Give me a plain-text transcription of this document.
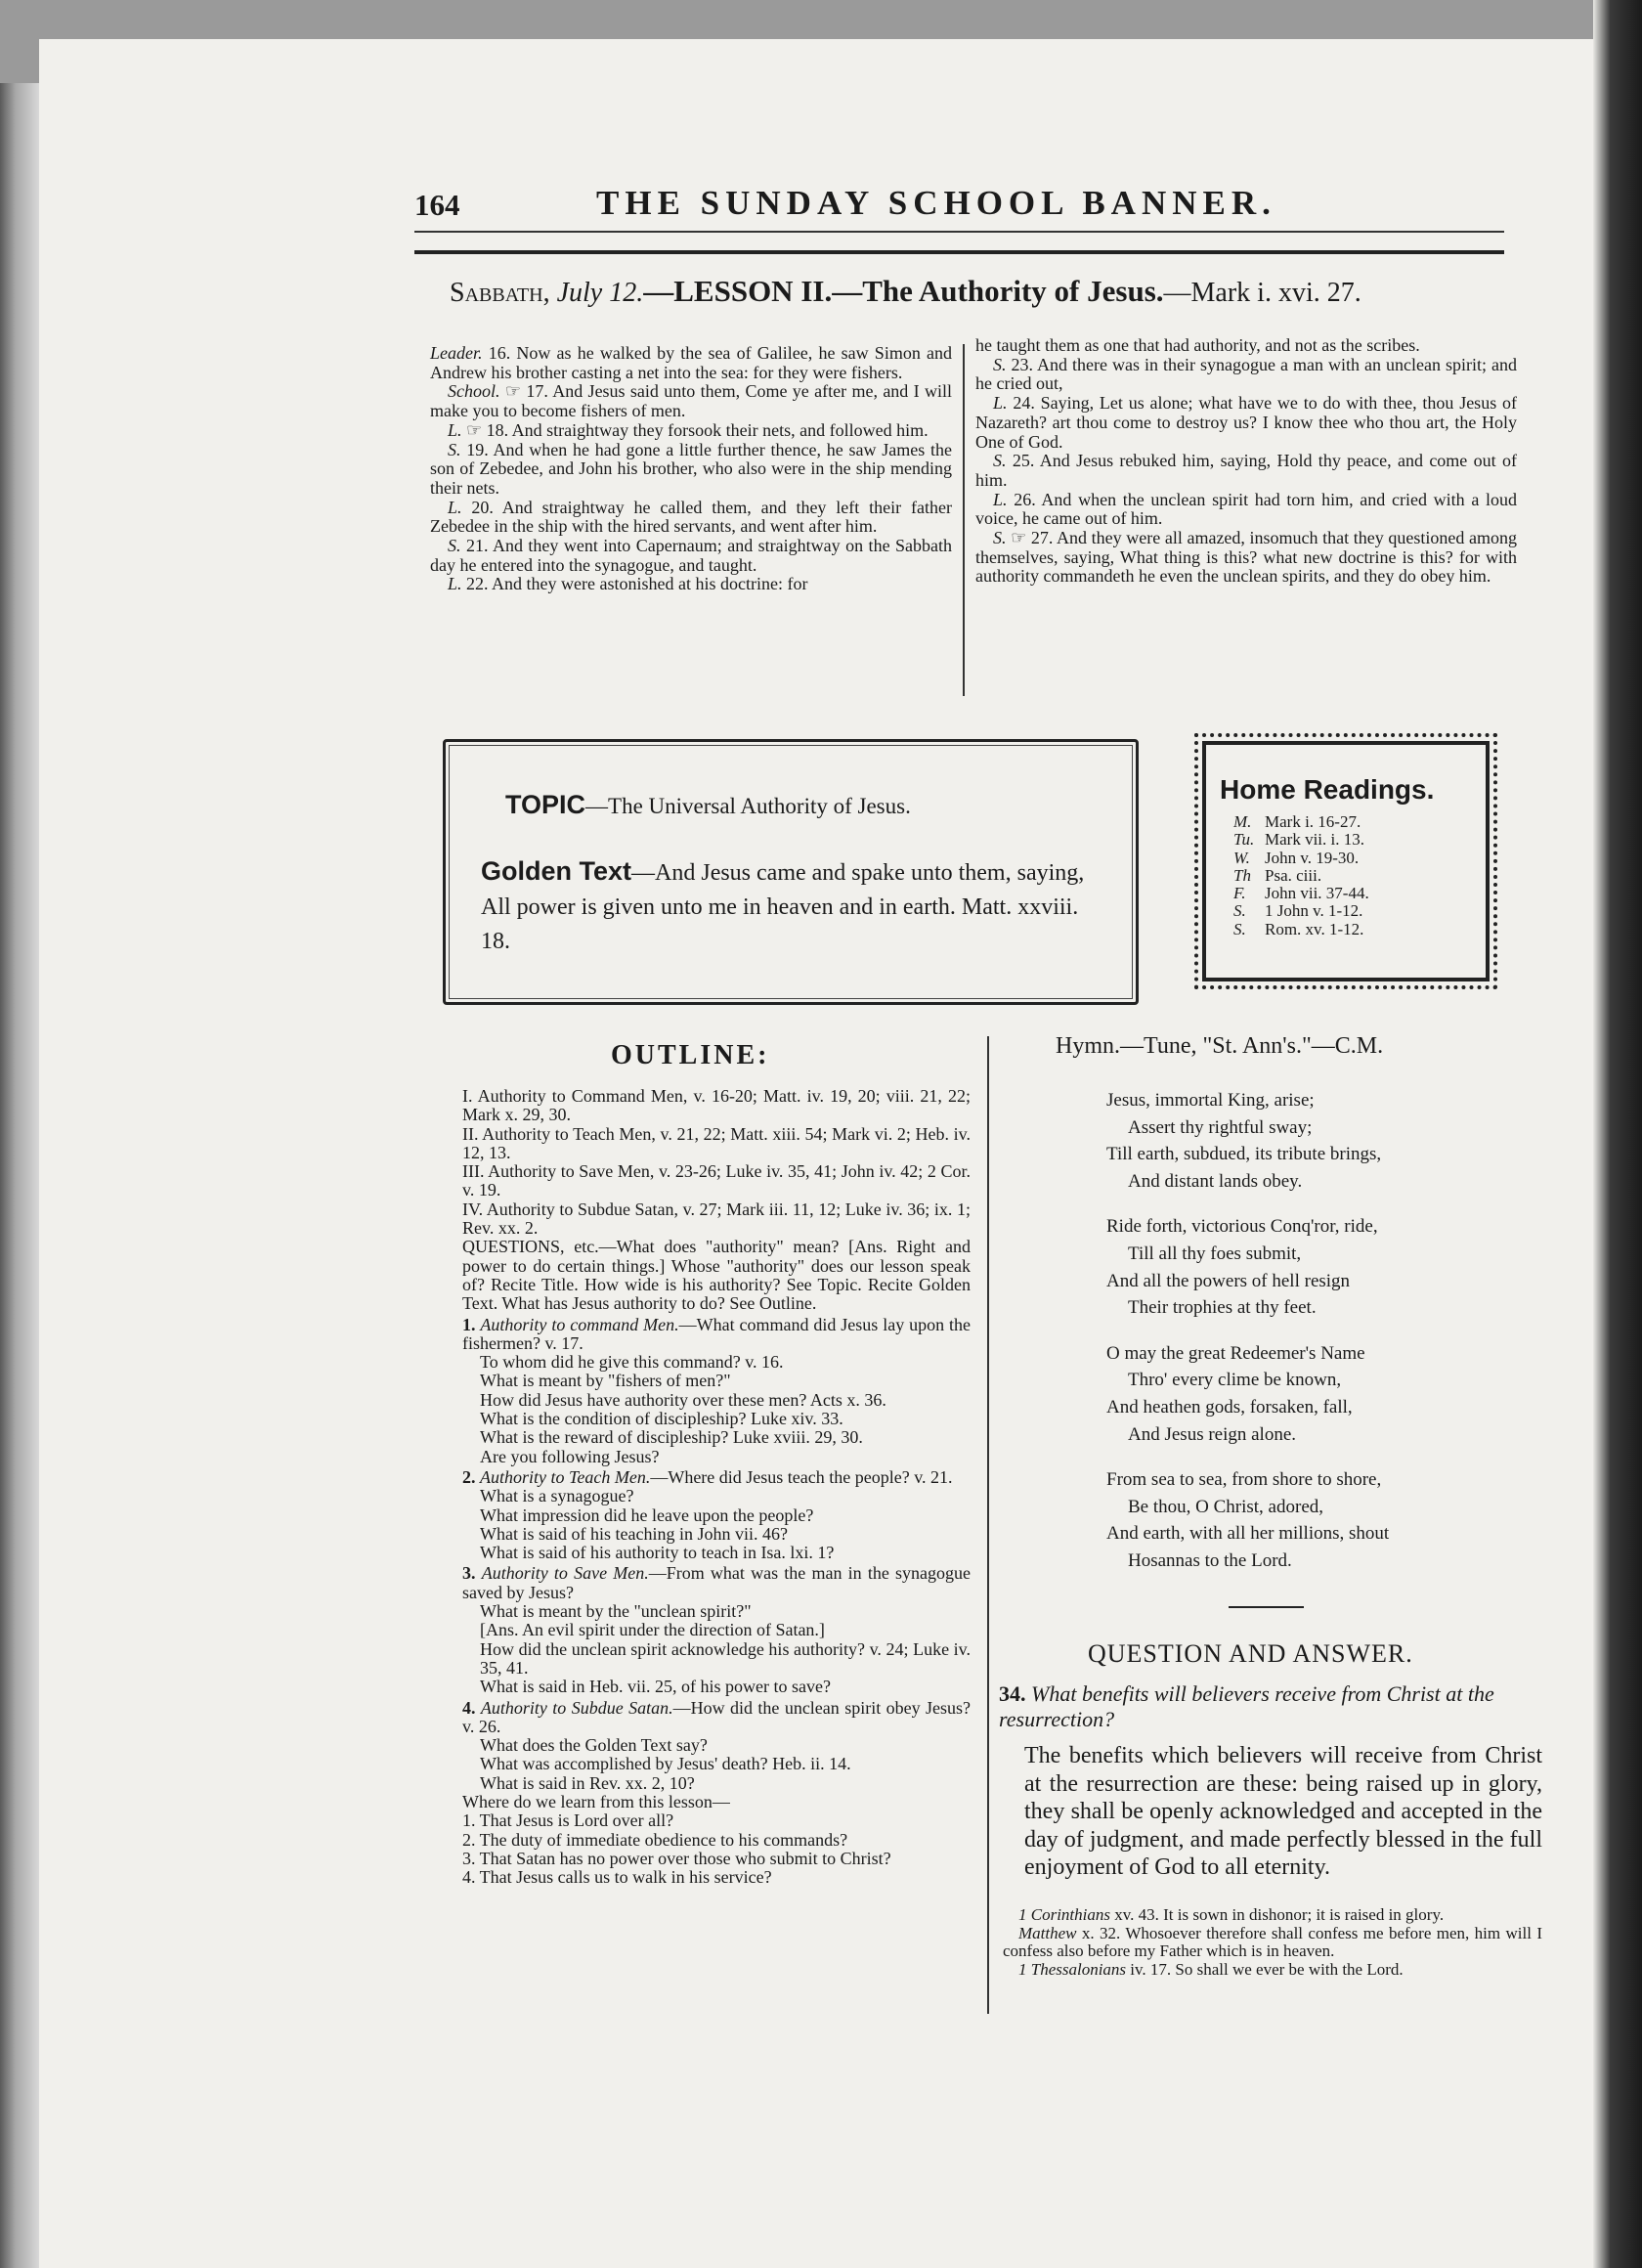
164	THE SUNDAY SCHOOL BANNER.
Sabbath, July 12.—LESSON II.—The Authority of Jesus.—Mark i. xvi. 27.

Leader. 16. Now as he walked by the sea of Galilee, he saw Simon and Andrew his brother casting a net into the sea: for they were fishers.

School. ☞ 17. And Jesus said unto them, Come ye after me, and I will make you to become fishers of men.

L. ☞ 18. And straightway they forsook their nets, and followed him.

S. 19. And when he had gone a little further thence, he saw James the son of Zebedee, and John his brother, who also were in the ship mending their nets.

L. 20. And straightway he called them, and they left their father Zebedee in the ship with the hired servants, and went after him.

S. 21. And they went into Capernaum; and straightway on the Sabbath day he entered into the synagogue, and taught.

L. 22. And they were astonished at his doctrine: for

he taught them as one that had authority, and not as the scribes.

S. 23. And there was in their synagogue a man with an unclean spirit; and he cried out,

L. 24. Saying, Let us alone; what have we to do with thee, thou Jesus of Nazareth? art thou come to destroy us? I know thee who thou art, the Holy One of God.

S. 25. And Jesus rebuked him, saying, Hold thy peace, and come out of him.

L. 26. And when the unclean spirit had torn him, and cried with a loud voice, he came out of him.

S. ☞ 27. And they were all amazed, insomuch that they questioned among themselves, saying, What thing is this? what new doctrine is this? for with authority commandeth he even the unclean spirits, and they do obey him.

TOPIC—The Universal Authority of Jesus.
Golden Text—And Jesus came and spake unto them, saying, All power is given unto me in heaven and in earth. Matt. xxviii. 18.
Home Readings.
M. Mark i. 16-27.
Tu. Mark vii. i. 13.
W. John v. 19-30.
Th Psa. ciii.
F. John vii. 37-44.
S. 1 John v. 1-12.
S. Rom. xv. 1-12.
OUTLINE:

I. Authority to Command Men, v. 16-20; Matt. iv. 19, 20; viii. 21, 22; Mark x. 29, 30.

II. Authority to Teach Men, v. 21, 22; Matt. xiii. 54; Mark vi. 2; Heb. iv. 12, 13.

III. Authority to Save Men, v. 23-26; Luke iv. 35, 41; John iv. 42; 2 Cor. v. 19.

IV. Authority to Subdue Satan, v. 27; Mark iii. 11, 12; Luke iv. 36; ix. 1; Rev. xx. 2.

QUESTIONS, etc.—What does "authority" mean? [Ans. Right and power to do certain things.] Whose "authority" does our lesson speak of? Recite Title. How wide is his authority? See Topic. Recite Golden Text. What has Jesus authority to do? See Outline.

1. Authority to command Men.—What command did Jesus lay upon the fishermen? v. 17.

To whom did he give this command? v. 16.

What is meant by "fishers of men?"

How did Jesus have authority over these men? Acts x. 36.

What is the condition of discipleship? Luke xiv. 33.

What is the reward of discipleship? Luke xviii. 29, 30.

Are you following Jesus?

2. Authority to Teach Men.—Where did Jesus teach the people? v. 21.

What is a synagogue?

What impression did he leave upon the people?

What is said of his teaching in John vii. 46?

What is said of his authority to teach in Isa. lxi. 1?

3. Authority to Save Men.—From what was the man in the synagogue saved by Jesus?

What is meant by the "unclean spirit?"

[Ans. An evil spirit under the direction of Satan.]

How did the unclean spirit acknowledge his authority? v. 24; Luke iv. 35, 41.

What is said in Heb. vii. 25, of his power to save?

4. Authority to Subdue Satan.—How did the unclean spirit obey Jesus? v. 26.

What does the Golden Text say?

What was accomplished by Jesus' death? Heb. ii. 14.

What is said in Rev. xx. 2, 10?

Where do we learn from this lesson—

1. That Jesus is Lord over all?

2. The duty of immediate obedience to his commands?

3. That Satan has no power over those who submit to Christ?

4. That Jesus calls us to walk in his service?

Hymn.—Tune, "St. Ann's."—C.M.
Jesus, immortal King, arise;
Assert thy rightful sway;
Till earth, subdued, its tribute brings,
And distant lands obey.
Ride forth, victorious Conq'ror, ride,
Till all thy foes submit,
And all the powers of hell resign
Their trophies at thy feet.
O may the great Redeemer's Name
Thro' every clime be known,
And heathen gods, forsaken, fall,
And Jesus reign alone.
From sea to sea, from shore to shore,
Be thou, O Christ, adored,
And earth, with all her millions, shout
Hosannas to the Lord.
QUESTION AND ANSWER.
34. What benefits will believers receive from Christ at the resurrection?
The benefits which believers will receive from Christ at the resurrection are these: being raised up in glory, they shall be openly acknowledged and accepted in the day of judgment, and made perfectly blessed in the full enjoyment of God to all eternity.

1 Corinthians xv. 43. It is sown in dishonor; it is raised in glory.

Matthew x. 32. Whosoever therefore shall confess me before men, him will I confess also before my Father which is in heaven.

1 Thessalonians iv. 17. So shall we ever be with the Lord.
